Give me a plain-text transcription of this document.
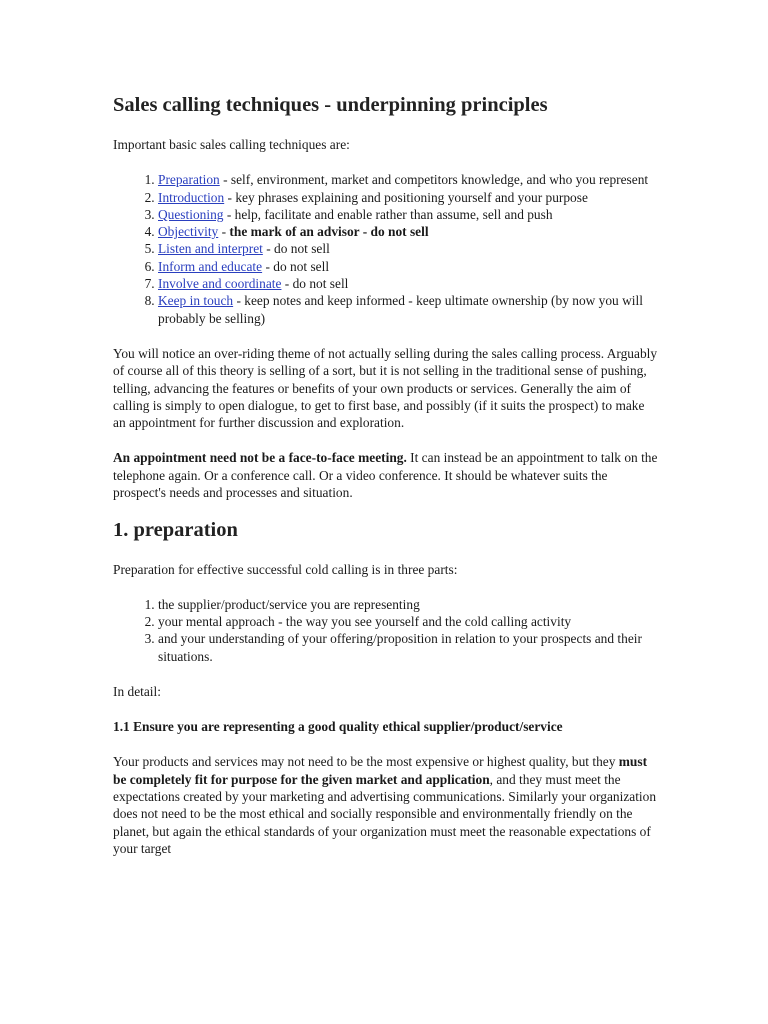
Sales calling techniques - underpinning principles

Important basic sales calling techniques are:

1. Preparation - self, environment, market and competitors knowledge, and who you represent
2. Introduction - key phrases explaining and positioning yourself and your purpose
3. Questioning - help, facilitate and enable rather than assume, sell and push
4. Objectivity - the mark of an advisor - do not sell
5. Listen and interpret - do not sell
6. Inform and educate - do not sell
7. Involve and coordinate - do not sell
8. Keep in touch - keep notes and keep informed - keep ultimate ownership (by now you will probably be selling)

You will notice an over-riding theme of not actually selling during the sales calling process. Arguably of course all of this theory is selling of a sort, but it is not selling in the traditional sense of pushing, telling, advancing the features or benefits of your own products or services. Generally the aim of calling is simply to open dialogue, to get to first base, and possibly (if it suits the prospect) to make an appointment for further discussion and exploration.

An appointment need not be a face-to-face meeting. It can instead be an appointment to talk on the telephone again. Or a conference call. Or a video conference. It should be whatever suits the prospect's needs and processes and situation.

1. preparation

Preparation for effective successful cold calling is in three parts:

1. the supplier/product/service you are representing
2. your mental approach - the way you see yourself and the cold calling activity
3. and your understanding of your offering/proposition in relation to your prospects and their situations.

In detail:

1.1 Ensure you are representing a good quality ethical supplier/product/service

Your products and services may not need to be the most expensive or highest quality, but they must be completely fit for purpose for the given market and application, and they must meet the expectations created by your marketing and advertising communications. Similarly your organization does not need to be the most ethical and socially responsible and environmentally friendly on the planet, but again the ethical standards of your organization must meet the reasonable expectations of your target
